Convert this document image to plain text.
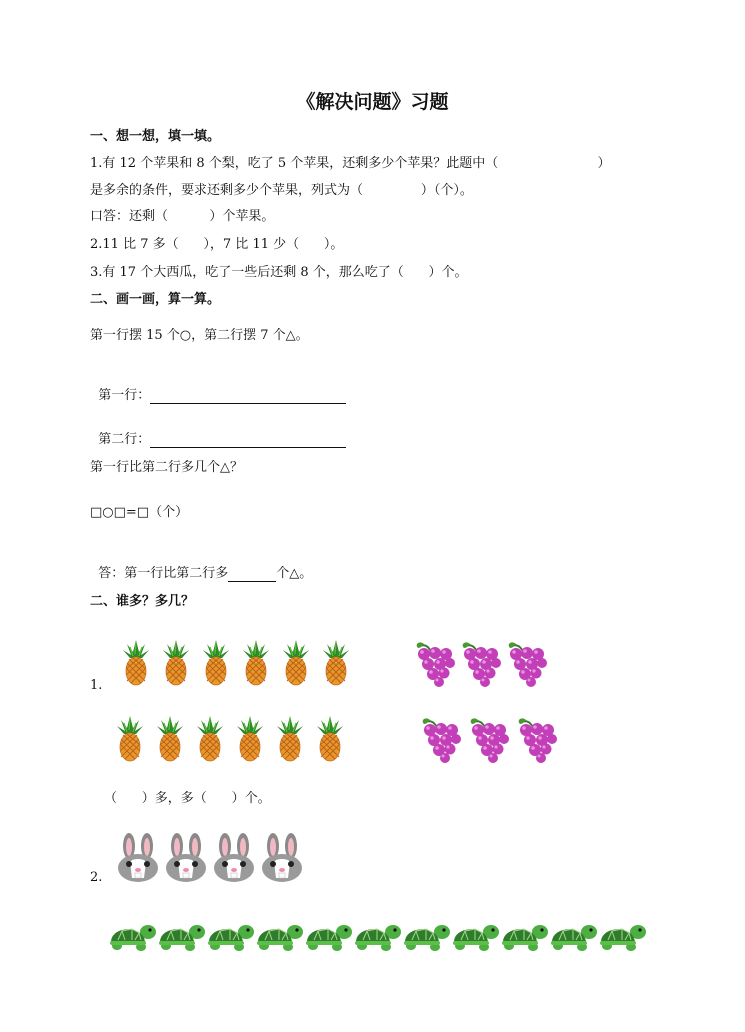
《解决问题》习题
一、想一想，填一填。
1.有 12 个苹果和 8 个梨，吃了 5 个苹果，还剩多少个苹果？此题中（                        ）
是多余的条件，要求还剩多少个苹果，列式为（              ）（个）。
口答：还剩（          ）个苹果。
2.11 比 7 多（      ），7 比 11 少（      ）。
3.有 17 个大西瓜，吃了一些后还剩 8 个，那么吃了（      ）个。
二、画一画，算一算。
第一行摆 15 个○，第二行摆 7 个△。

第一行：

第二行：

第一行比第二行多几个△？
□○□=□（个）

答：第一行比第二行多	个△。

二、谁多？多几？
1.
（      ）多，多（      ）个。
2.
